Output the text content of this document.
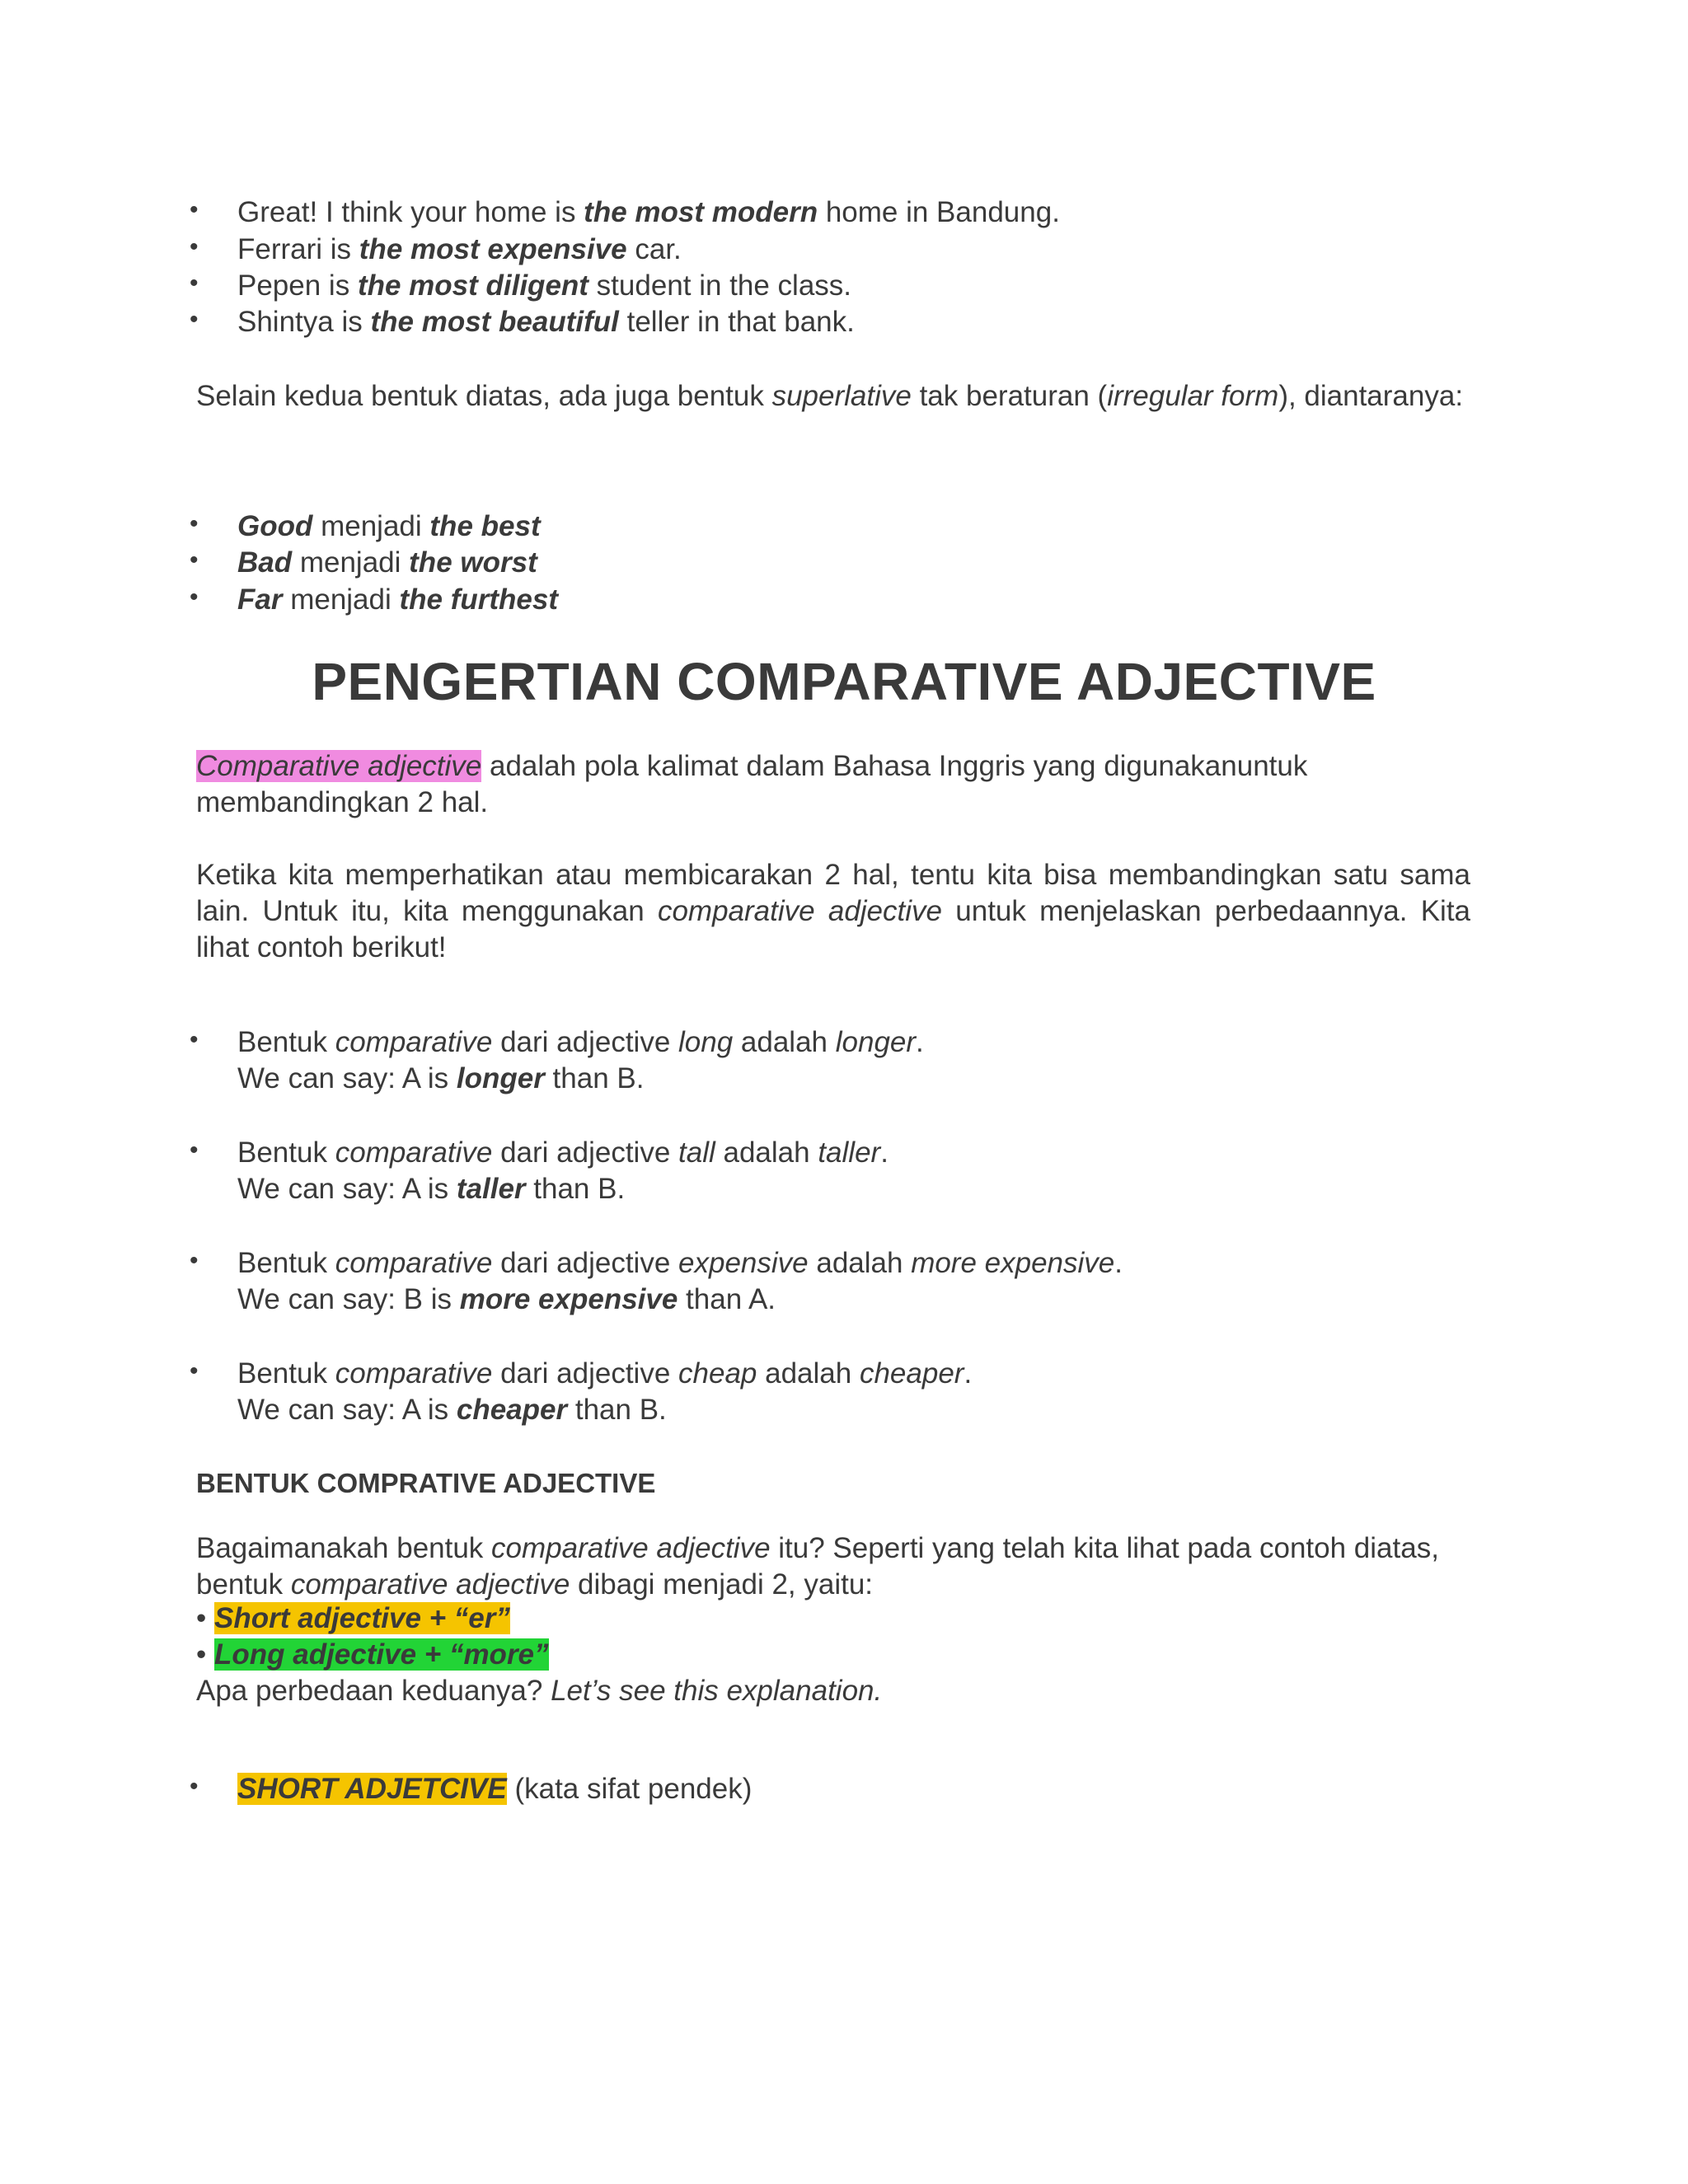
• Great! I think your home is the most modern home in Bandung.
• Ferrari is the most expensive car.
• Pepen is the most diligent student in the class.
• Shintya is the most beautiful teller in that bank.
Selain kedua bentuk diatas, ada juga bentuk superlative tak beraturan (irregular form), diantaranya:
• Good menjadi the best
• Bad menjadi the worst
• Far menjadi the furthest
PENGERTIAN COMPARATIVE ADJECTIVE
Comparative adjective adalah pola kalimat dalam Bahasa Inggris yang digunakanuntuk membandingkan 2 hal.
Ketika kita memperhatikan atau membicarakan 2 hal, tentu kita bisa membandingkan satu sama lain. Untuk itu, kita menggunakan comparative adjective untuk menjelaskan perbedaannya. Kita lihat contoh berikut!
• Bentuk comparative dari adjective long adalah longer.
We can say: A is longer than B.
• Bentuk comparative dari adjective tall adalah taller.
We can say: A is taller than B.
• Bentuk comparative dari adjective expensive adalah more expensive.
We can say: B is more expensive than A.
• Bentuk comparative dari adjective cheap adalah cheaper.
We can say: A is cheaper than B.
BENTUK COMPRATIVE ADJECTIVE
Bagaimanakah bentuk comparative adjective itu? Seperti yang telah kita lihat pada contoh diatas, bentuk comparative adjective dibagi menjadi 2, yaitu:
• Short adjective + “er”
• Long adjective + “more”
Apa perbedaan keduanya? Let’s see this explanation.
• SHORT ADJETCIVE (kata sifat pendek)
